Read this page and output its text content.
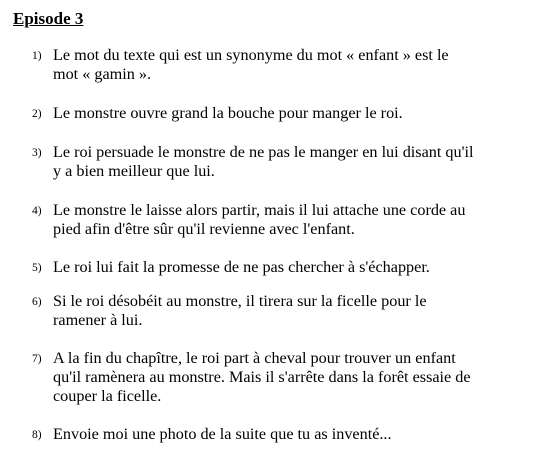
Episode 3
1) Le mot du texte qui est un synonyme du mot « enfant » est le
mot « gamin ».
2) Le monstre ouvre grand la bouche pour manger le roi.
3) Le roi persuade le monstre de ne pas le manger en lui disant qu'il
y a bien meilleur que lui.
4) Le monstre le laisse alors partir, mais il lui attache une corde au
pied afin d'être sûr qu'il revienne avec l'enfant.
5) Le roi lui fait la promesse de ne pas chercher à s'échapper.
6) Si le roi désobéit au monstre, il tirera sur la ficelle pour le
ramener à lui.
7) A la fin du chapître, le roi part à cheval pour trouver un enfant
qu'il ramènera au monstre. Mais il s'arrête dans la forêt essaie de
couper la ficelle.
8) Envoie moi une photo de la suite que tu as inventé...
